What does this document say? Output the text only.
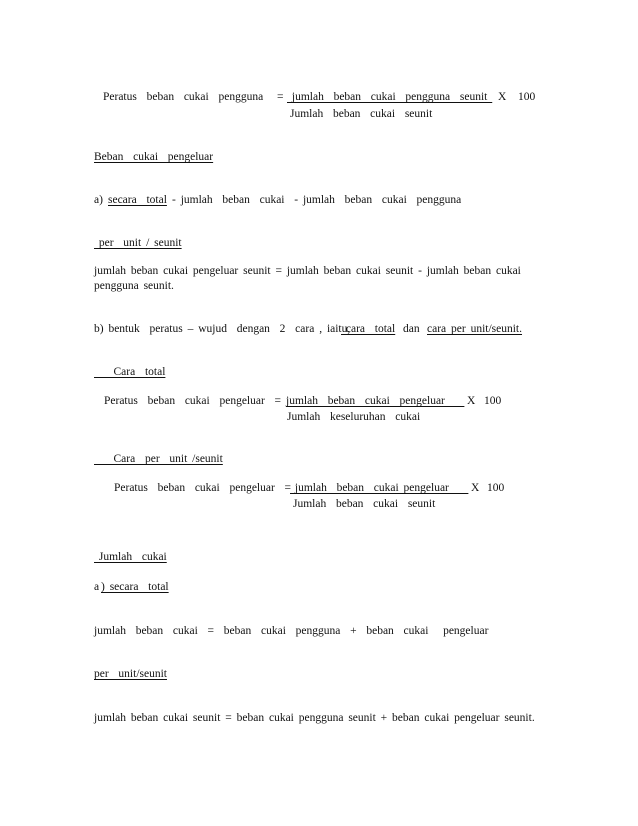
Peratus  beban  cukai  pengguna = jumlah  beban  cukai  pengguna  seunit X 100
Jumlah  beban  cukai  seunit
Beban  cukai  pengeluar
a) secara  total - jumlah  beban  cukai  - jumlah  beban  cukai  pengguna
per  unit / seunit
jumlah beban cukai pengeluar seunit = jumlah beban cukai seunit - jumlah beban cukai pengguna seunit.
b) bentuk  peratus – wujud  dengan  2  cara , iaitu,
cara  total dan cara per unit/seunit.
Cara  total
Peratus  beban  cukai  pengeluar  = jumlah  beban  cukai  pengeluar X 100
Jumlah  keseluruhan  cukai
Cara  per  unit /seunit
Peratus  beban  cukai  pengeluar  =
jumlah  beban  cukai pengeluar X 100
Jumlah  beban  cukai  seunit
Jumlah  cukai
a ) secara  total
jumlah  beban  cukai  =  beban  cukai  pengguna  +  beban  cukai   pengeluar
per  unit/seunit
jumlah beban cukai seunit = beban cukai pengguna seunit + beban cukai pengeluar seunit.
